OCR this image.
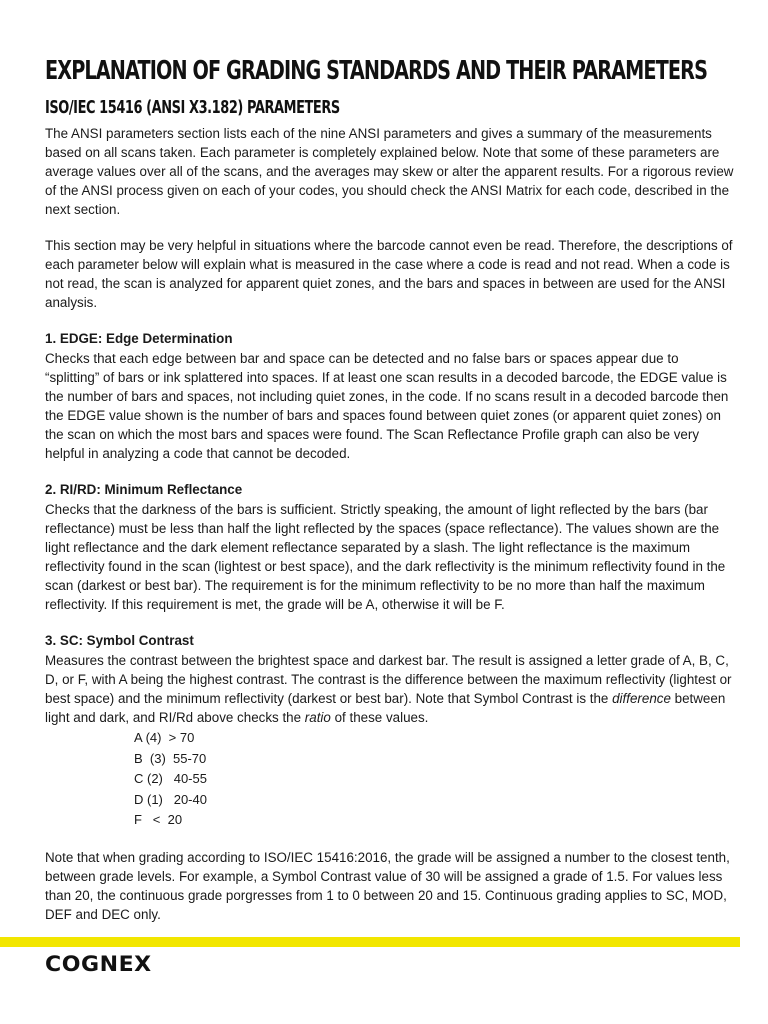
EXPLANATION OF GRADING STANDARDS AND THEIR PARAMETERS
ISO/IEC 15416 (ANSI X3.182) PARAMETERS

The ANSI parameters section lists each of the nine ANSI parameters and gives a summary of the measurements based on all scans taken. Each parameter is completely explained below. Note that some of these parameters are average values over all of the scans, and the averages may skew or alter the apparent results. For a rigorous review of the ANSI process given on each of your codes, you should check the ANSI Matrix for each code, described in the next section.

This section may be very helpful in situations where the barcode cannot even be read. Therefore, the descriptions of each parameter below will explain what is measured in the case where a code is read and not read. When a code is not read, the scan is analyzed for apparent quiet zones, and the bars and spaces in between are used for the ANSI analysis.

1. EDGE: Edge Determination

Checks that each edge between bar and space can be detected and no false bars or spaces appear due to “splitting” of bars or ink splattered into spaces. If at least one scan results in a decoded barcode, the EDGE value is the number of bars and spaces, not including quiet zones, in the code. If no scans result in a decoded barcode then the EDGE value shown is the number of bars and spaces found between quiet zones (or apparent quiet zones) on the scan on which the most bars and spaces were found. The Scan Reflectance Profile graph can also be very helpful in analyzing a code that cannot be decoded.

2. RI/RD: Minimum Reflectance

Checks that the darkness of the bars is sufficient. Strictly speaking, the amount of light reflected by the bars (bar reflectance) must be less than half the light reflected by the spaces (space reflectance). The values shown are the light reflectance and the dark element reflectance separated by a slash. The light reflectance is the maximum reflectivity found in the scan (lightest or best space), and the dark reflectivity is the minimum reflectivity found in the scan (darkest or best bar). The requirement is for the minimum reflectivity to be no more than half the maximum reflectivity. If this requirement is met, the grade will be A, otherwise it will be F.

3. SC: Symbol Contrast

Measures the contrast between the brightest space and darkest bar. The result is assigned a letter grade of A, B, C, D, or F, with A being the highest contrast. The contrast is the difference between the maximum reflectivity (lightest or best space) and the minimum reflectivity (darkest or best bar). Note that Symbol Contrast is the difference between light and dark, and RI/Rd above checks the ratio of these values.

A (4)  > 70
B  (3)  55-70
C (2)   40-55
D (1)   20-40
F   <  20

Note that when grading according to ISO/IEC 15416:2016, the grade will be assigned a number to the closest tenth, between grade levels. For example, a Symbol Contrast value of 30 will be assigned a grade of 1.5. For values less than 20, the continuous grade porgresses from 1 to 0 between 20 and 15. Continuous grading applies to SC, MOD, DEF and DEC only.

COGNEX
